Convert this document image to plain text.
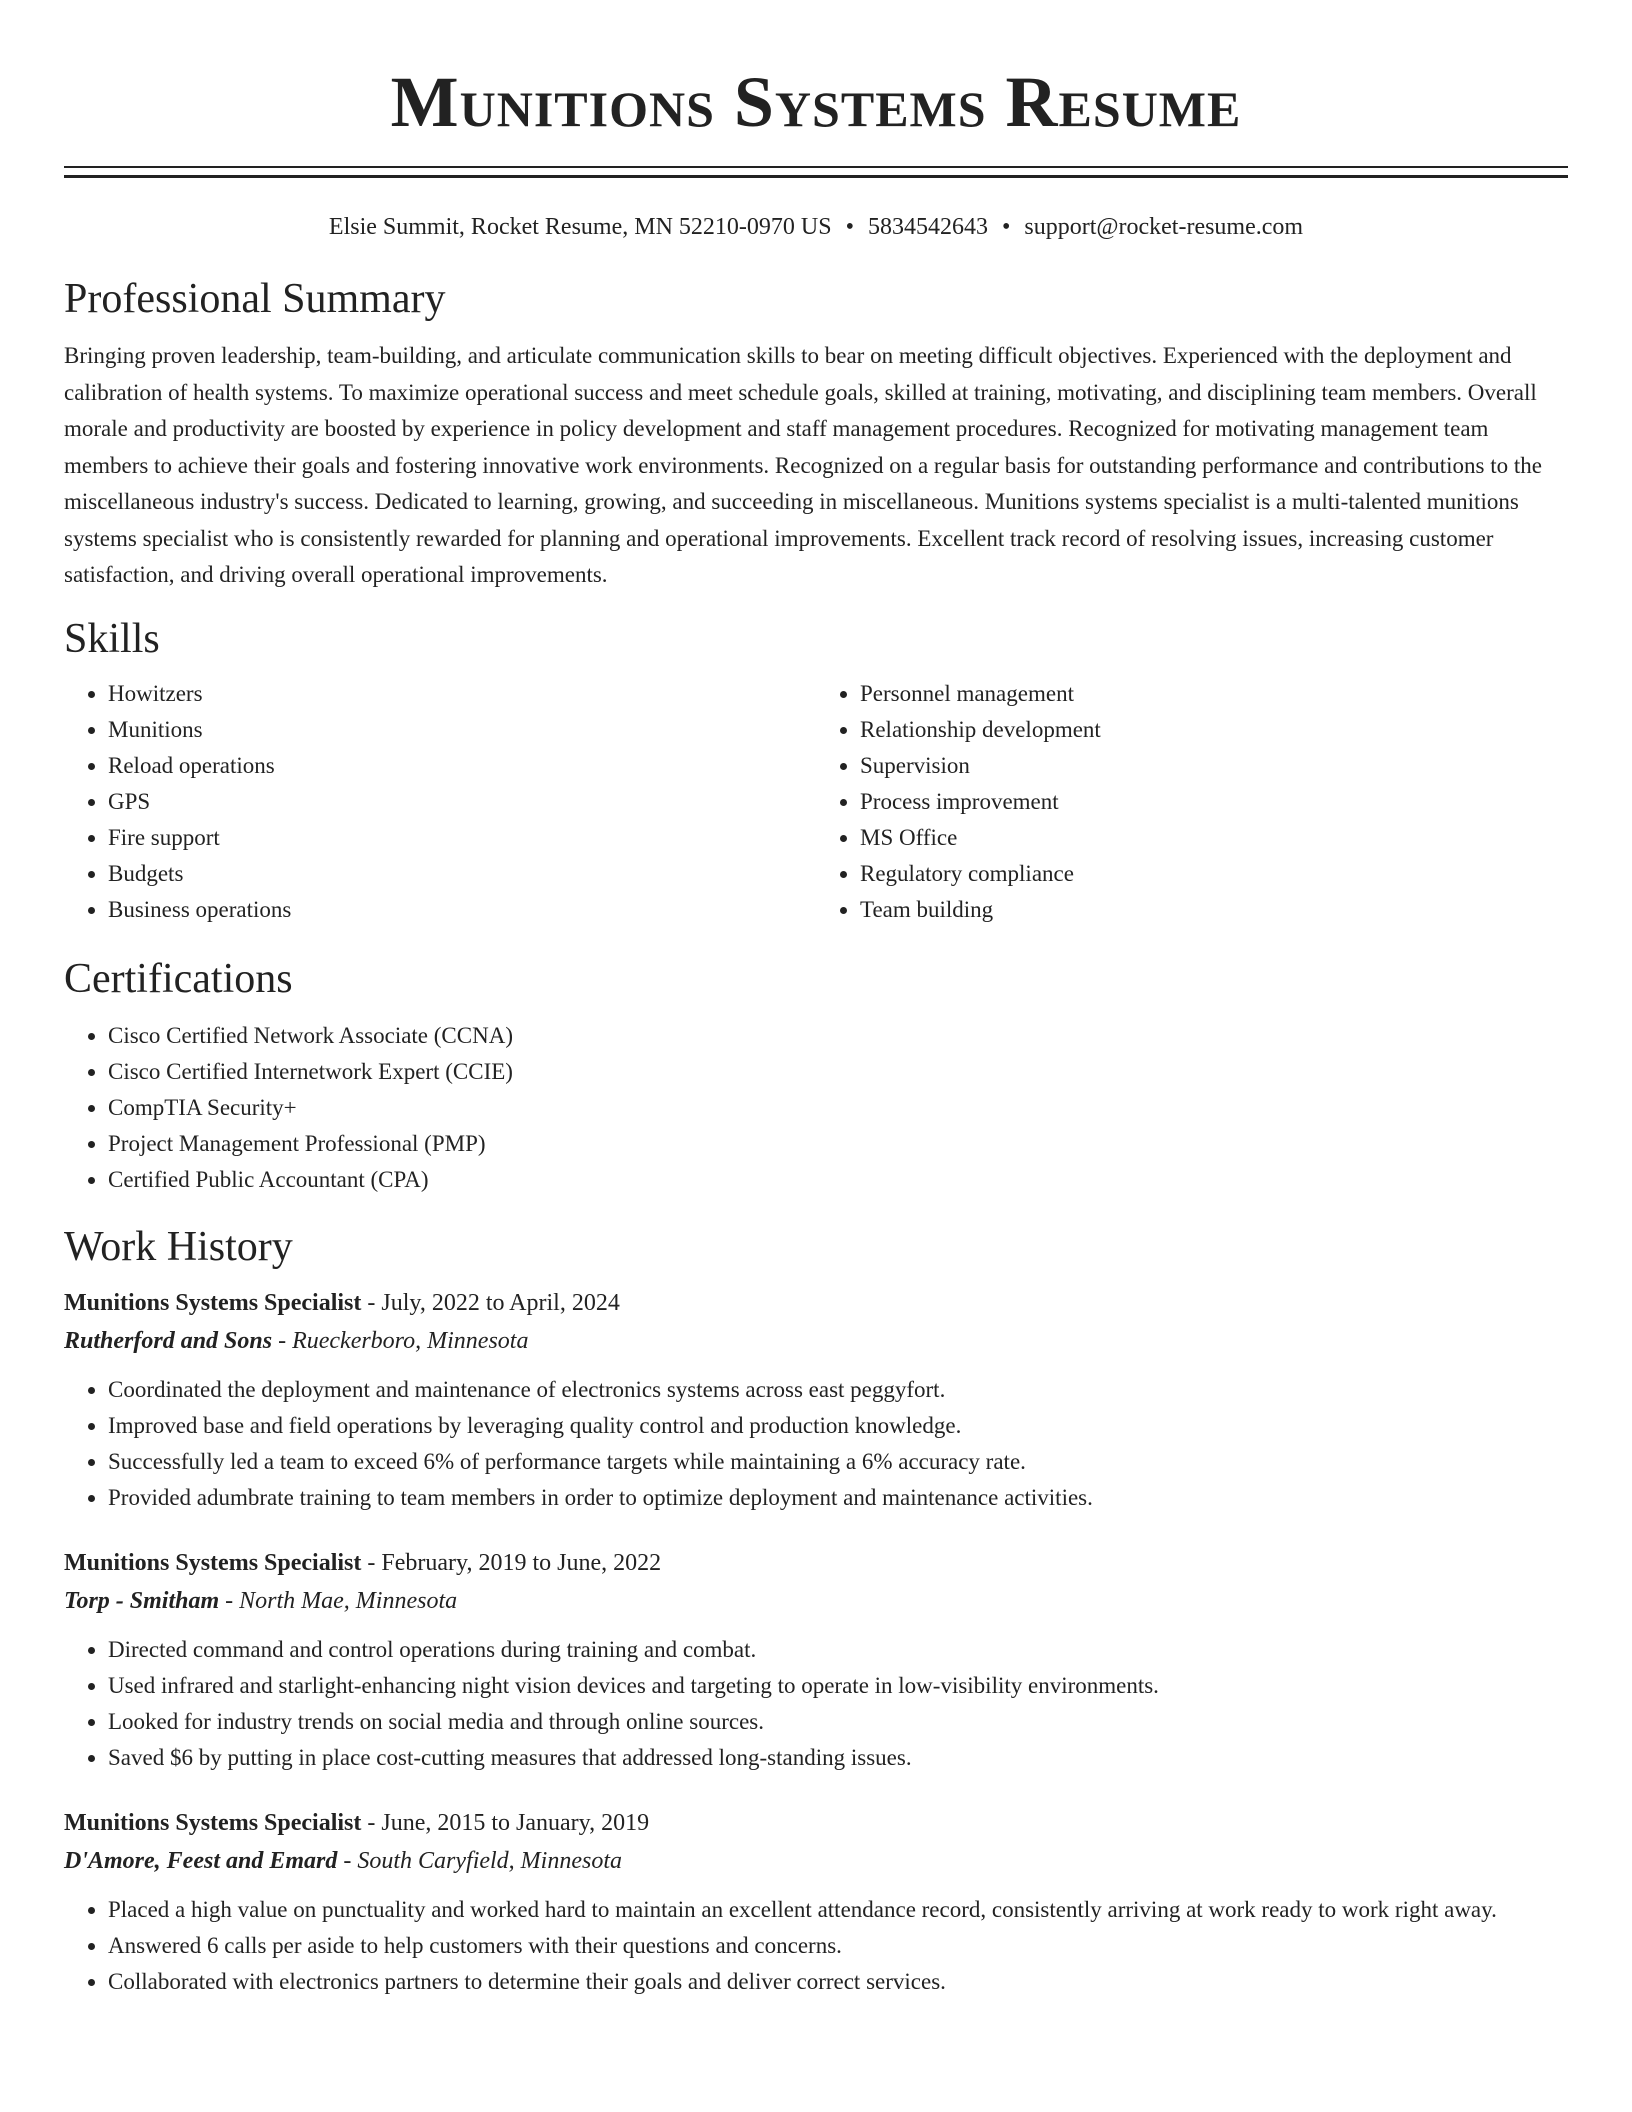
Munitions Systems Resume
Elsie Summit, Rocket Resume, MN 52210-0970 US • 5834542643 • support@rocket-resume.com
Professional Summary

Bringing proven leadership, team-building, and articulate communication skills to bear on meeting difficult objectives. Experienced with the deployment and calibration of health systems. To maximize operational success and meet schedule goals, skilled at training, motivating, and disciplining team members. Overall morale and productivity are boosted by experience in policy development and staff management procedures. Recognized for motivating management team members to achieve their goals and fostering innovative work environments. Recognized on a regular basis for outstanding performance and contributions to the miscellaneous industry's success. Dedicated to learning, growing, and succeeding in miscellaneous. Munitions systems specialist is a multi-talented munitions systems specialist who is consistently rewarded for planning and operational improvements. Excellent track record of resolving issues, increasing customer satisfaction, and driving overall operational improvements.

Skills
• Howitzers
• Munitions
• Reload operations
• GPS
• Fire support
• Budgets
• Business operations
• Personnel management
• Relationship development
• Supervision
• Process improvement
• MS Office
• Regulatory compliance
• Team building
Certifications
• Cisco Certified Network Associate (CCNA)
• Cisco Certified Internetwork Expert (CCIE)
• CompTIA Security+
• Project Management Professional (PMP)
• Certified Public Accountant (CPA)
Work History
Munitions Systems Specialist - July, 2022 to April, 2024
Rutherford and Sons - Rueckerboro, Minnesota
• Coordinated the deployment and maintenance of electronics systems across east peggyfort.
• Improved base and field operations by leveraging quality control and production knowledge.
• Successfully led a team to exceed 6% of performance targets while maintaining a 6% accuracy rate.
• Provided adumbrate training to team members in order to optimize deployment and maintenance activities.
Munitions Systems Specialist - February, 2019 to June, 2022
Torp - Smitham - North Mae, Minnesota
• Directed command and control operations during training and combat.
• Used infrared and starlight-enhancing night vision devices and targeting to operate in low-visibility environments.
• Looked for industry trends on social media and through online sources.
• Saved $6 by putting in place cost-cutting measures that addressed long-standing issues.
Munitions Systems Specialist - June, 2015 to January, 2019
D'Amore, Feest and Emard - South Caryfield, Minnesota
• Placed a high value on punctuality and worked hard to maintain an excellent attendance record, consistently arriving at work ready to work right away.
• Answered 6 calls per aside to help customers with their questions and concerns.
• Collaborated with electronics partners to determine their goals and deliver correct services.
